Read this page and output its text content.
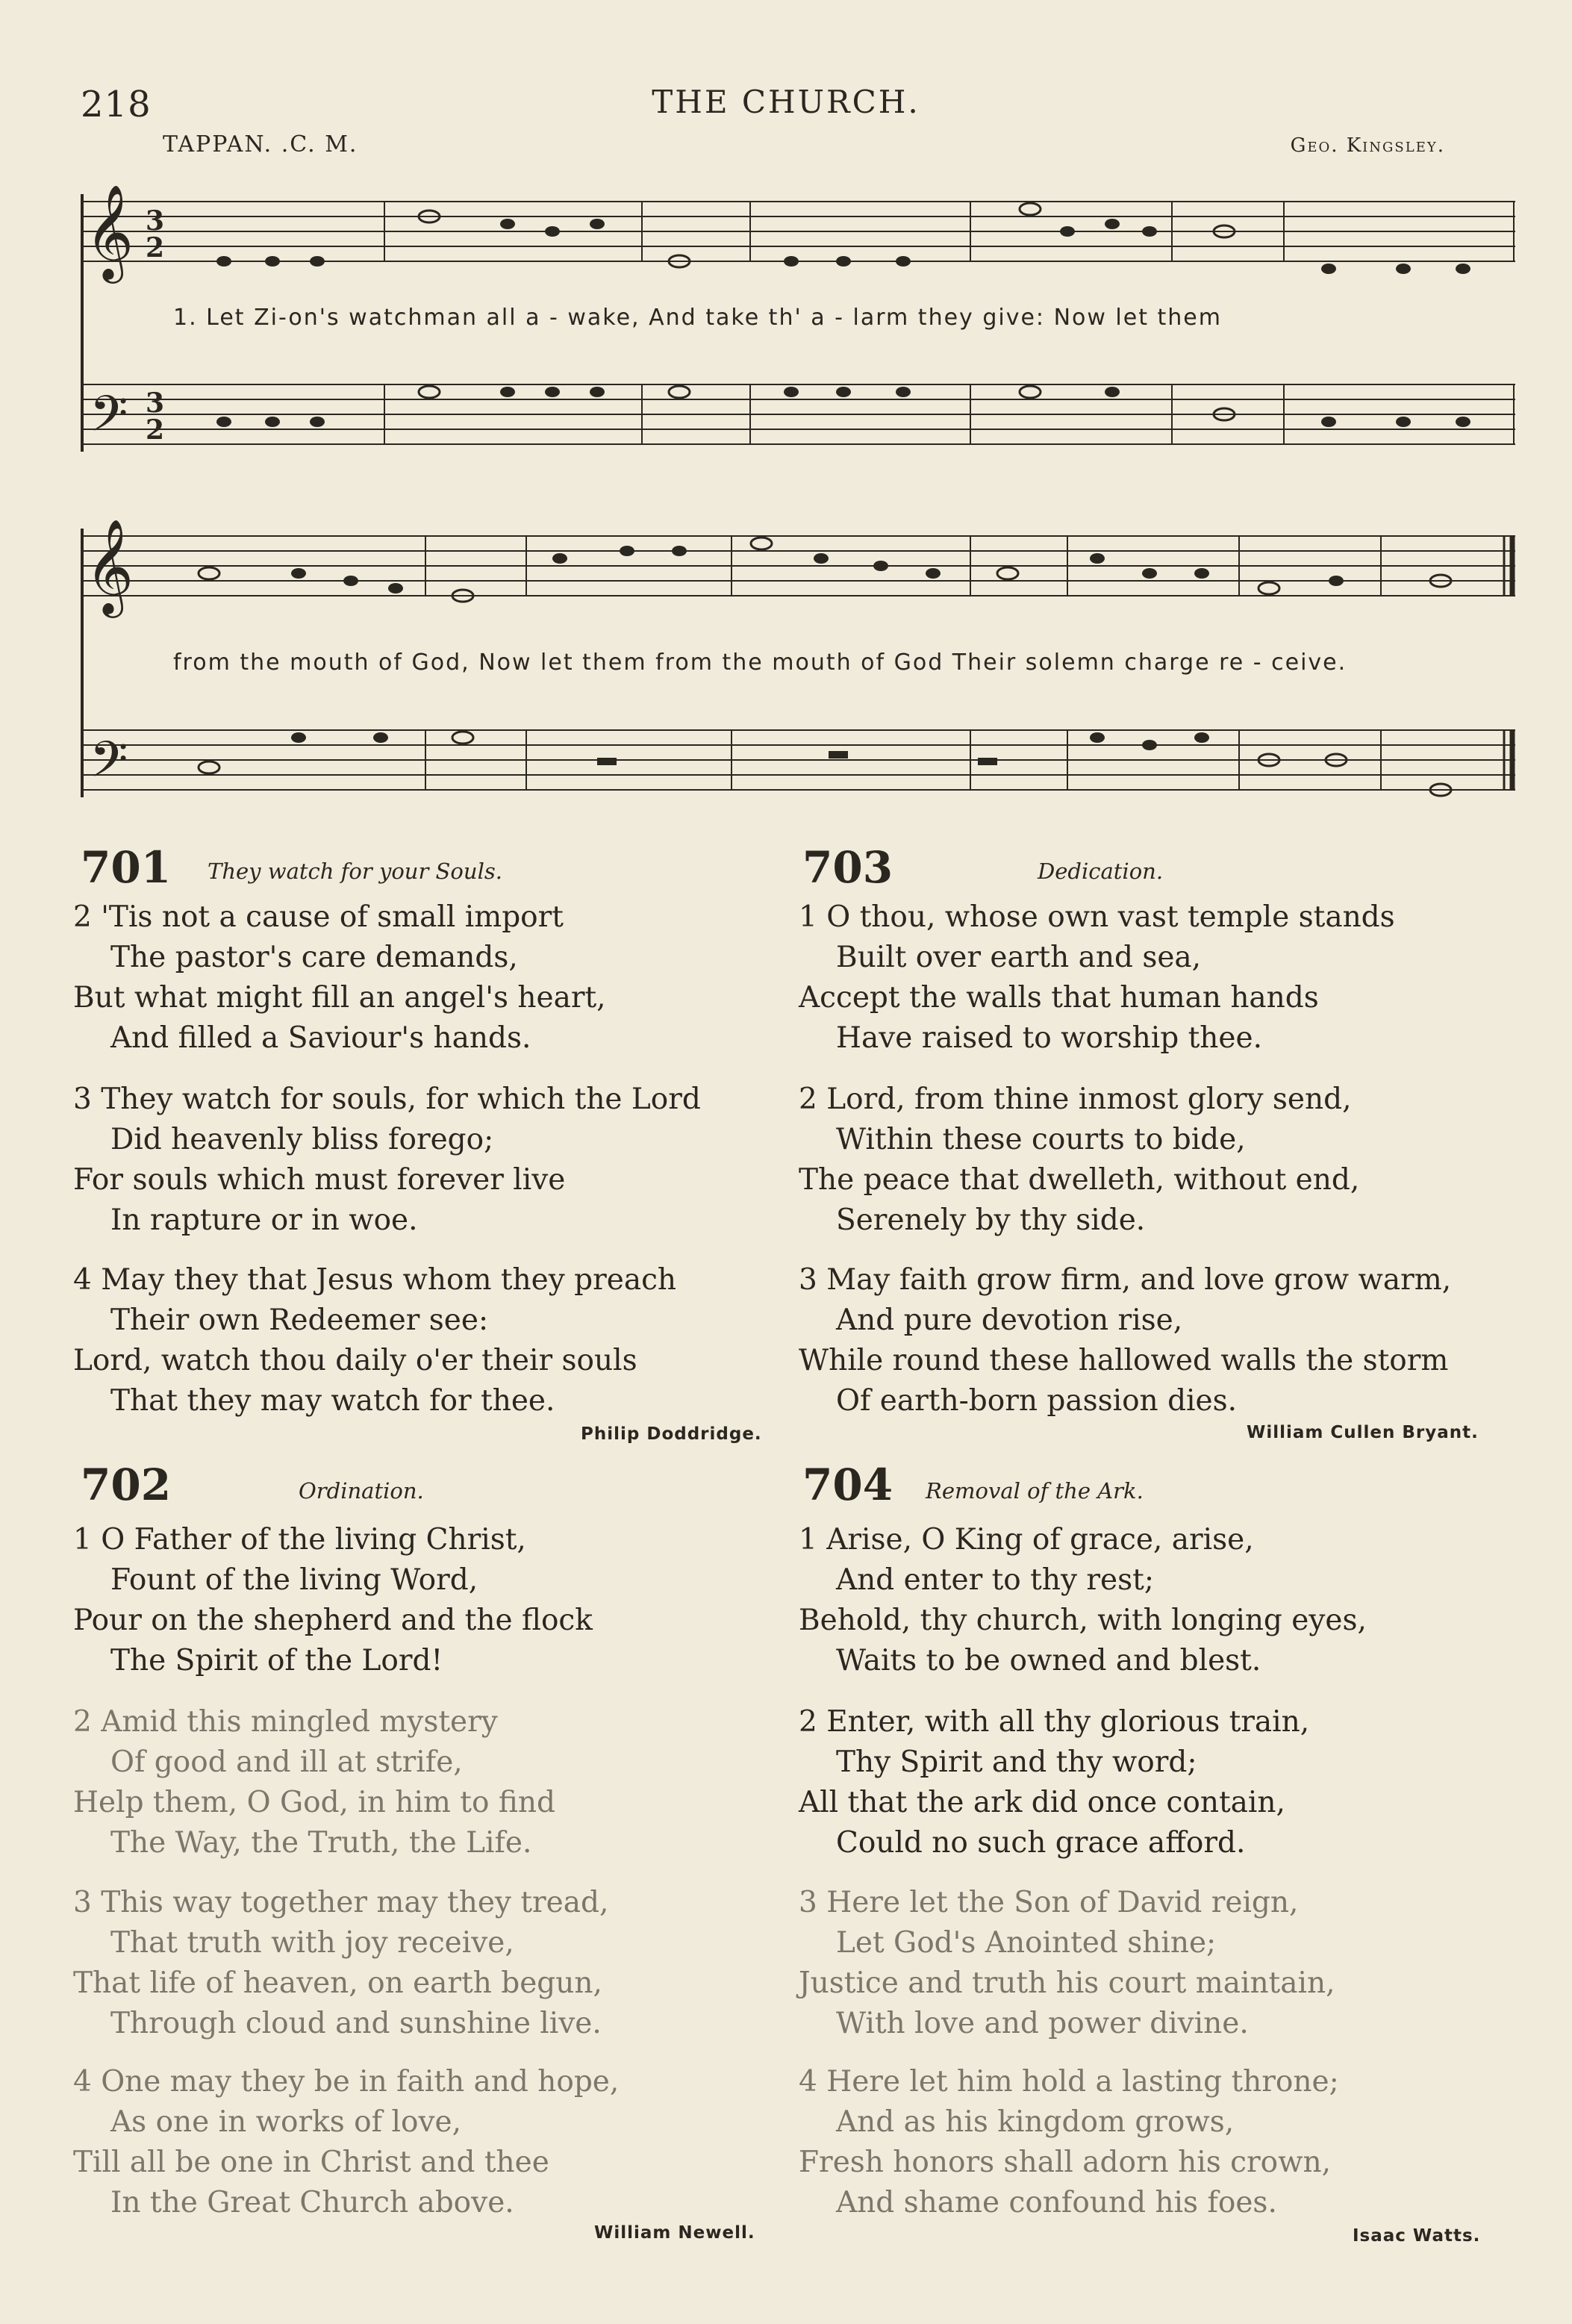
218	THE CHURCH.
TAPPAN. .C. M.	Geo. Kingsley.
𝄞
𝄢
3
2
3
2
1. Let Zi-on's watchman all a - wake, And take th' a - larm they give: Now let them
𝄞
𝄢
from the mouth of God, Now let them from the mouth of God Their solemn charge re - ceive.
701 They watch for your Souls.
2 'Tis not a cause of small import
The pastor's care demands,
But what might fill an angel's heart,
And filled a Saviour's hands.
3 They watch for souls, for which the Lord
Did heavenly bliss forego;
For souls which must forever live
In rapture or in woe.
4 May they that Jesus whom they preach
Their own Redeemer see:
Lord, watch thou daily o'er their souls
That they may watch for thee.
Philip Doddridge.
702	Ordination.
1 O Father of the living Christ,
Fount of the living Word,
Pour on the shepherd and the flock
The Spirit of the Lord!
2 Amid this mingled mystery
Of good and ill at strife,
Help them, O God, in him to find
The Way, the Truth, the Life.
3 This way together may they tread,
That truth with joy receive,
That life of heaven, on earth begun,
Through cloud and sunshine live.
4 One may they be in faith and hope,
As one in works of love,
Till all be one in Christ and thee
In the Great Church above.
William Newell.
703	Dedication.
1 O thou, whose own vast temple stands
Built over earth and sea,
Accept the walls that human hands
Have raised to worship thee.
2 Lord, from thine inmost glory send,
Within these courts to bide,
The peace that dwelleth, without end,
Serenely by thy side.
3 May faith grow firm, and love grow warm,
And pure devotion rise,
While round these hallowed walls the storm
Of earth-born passion dies.
William Cullen Bryant.
704 Removal of the Ark.
1 Arise, O King of grace, arise,
And enter to thy rest;
Behold, thy church, with longing eyes,
Waits to be owned and blest.
2 Enter, with all thy glorious train,
Thy Spirit and thy word;
All that the ark did once contain,
Could no such grace afford.
3 Here let the Son of David reign,
Let God's Anointed shine;
Justice and truth his court maintain,
With love and power divine.
4 Here let him hold a lasting throne;
And as his kingdom grows,
Fresh honors shall adorn his crown,
And shame confound his foes.
Isaac Watts.
